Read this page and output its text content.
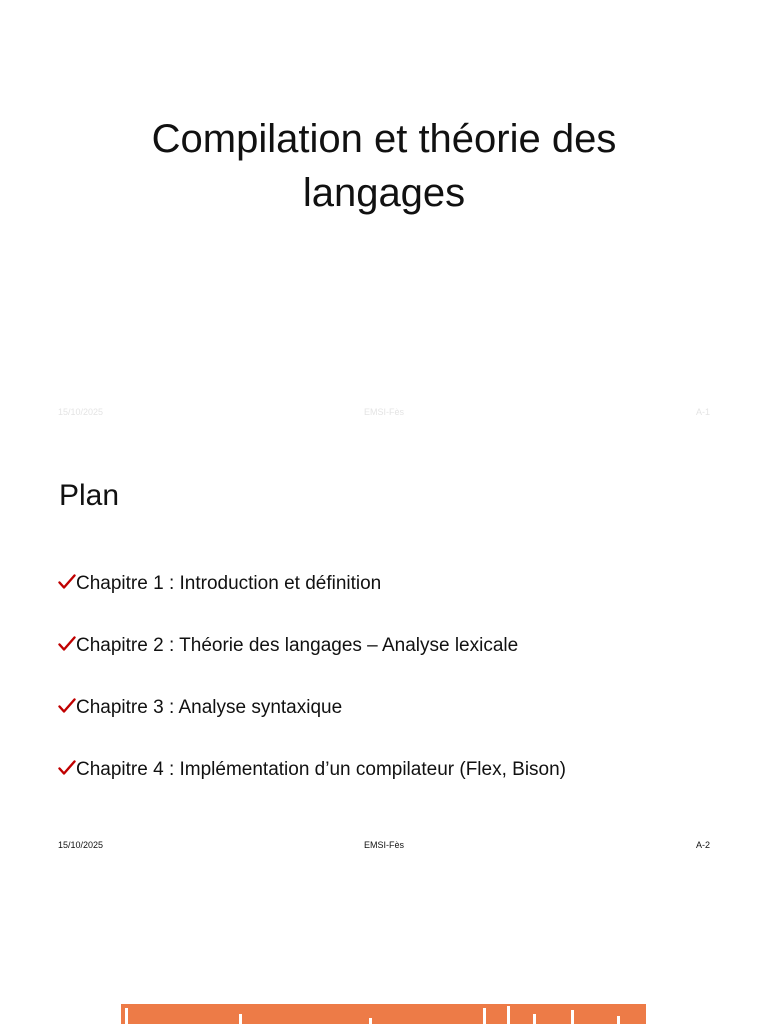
Compilation et théorie des langages
15/10/2025	EMSI-Fès	A-1
Plan
Chapitre 1 : Introduction et définition
Chapitre 2 : Théorie des langages – Analyse lexicale
Chapitre 3 : Analyse syntaxique
Chapitre 4 : Implémentation d’un compilateur (Flex, Bison)
15/10/2025	EMSI-Fès	A-2
